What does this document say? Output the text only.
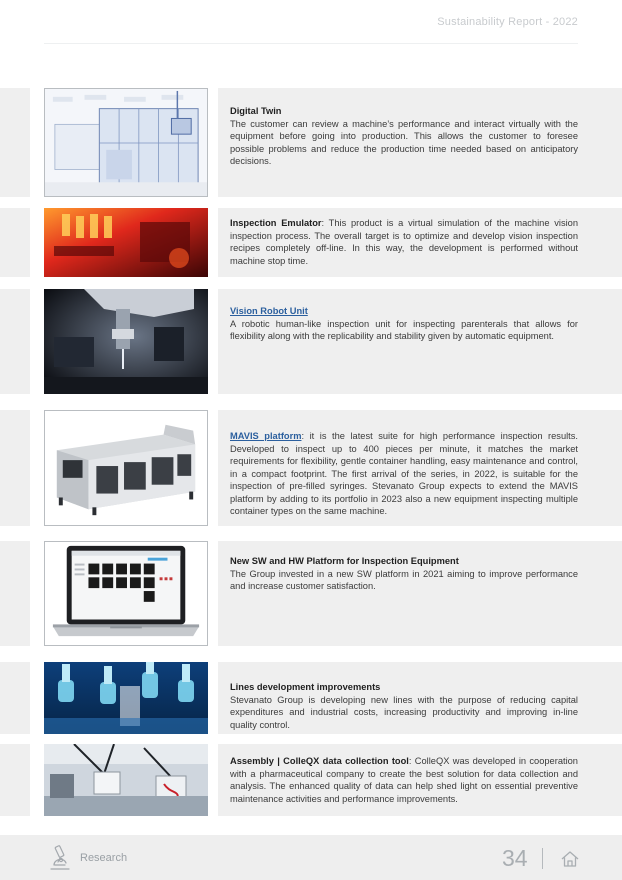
Sustainability Report - 2022

Digital Twin
The customer can review a machine’s performance and interact virtually with the equipment before going into production. This allows the customer to foresee possible problems and reduce the production time needed based on anticipatory decisions.

Inspection Emulator: This product is a virtual simulation of the machine vision inspection process. The overall target is to optimize and develop vision inspection recipes completely off-line. In this way, the development is performed without machine stop time.

Vision Robot Unit
A robotic human-like inspection unit for inspecting parenterals that allows for flexibility along with the replicability and stability given by automatic equipment.

MAVIS platform: it is the latest suite for high performance inspection results. Developed to inspect up to 400 pieces per minute, it matches the market requirements for flexibility, gentle container handling, easy maintenance and control, in a compact footprint. The first arrival of the series, in 2022, is suitable for the inspection of pre-filled syringes. Stevanato Group expects to extend the MAVIS platform by adding to its portfolio in 2023 also a new equipment inspecting multiple container types on the same machine.

New SW and HW Platform for Inspection Equipment
The Group invested in a new SW platform in 2021 aiming to improve performance and increase customer satisfaction.

Lines development improvements
Stevanato Group is developing new lines with the purpose of reducing capital expenditures and industrial costs, increasing productivity and improving in-line quality control.

Assembly | ColleQX data collection tool: ColleQX was developed in cooperation with a pharmaceutical company to create the best solution for data collection and analysis. The enhanced quality of data can help shed light on essential preventive maintenance activities and performance improvements.

Research	34
